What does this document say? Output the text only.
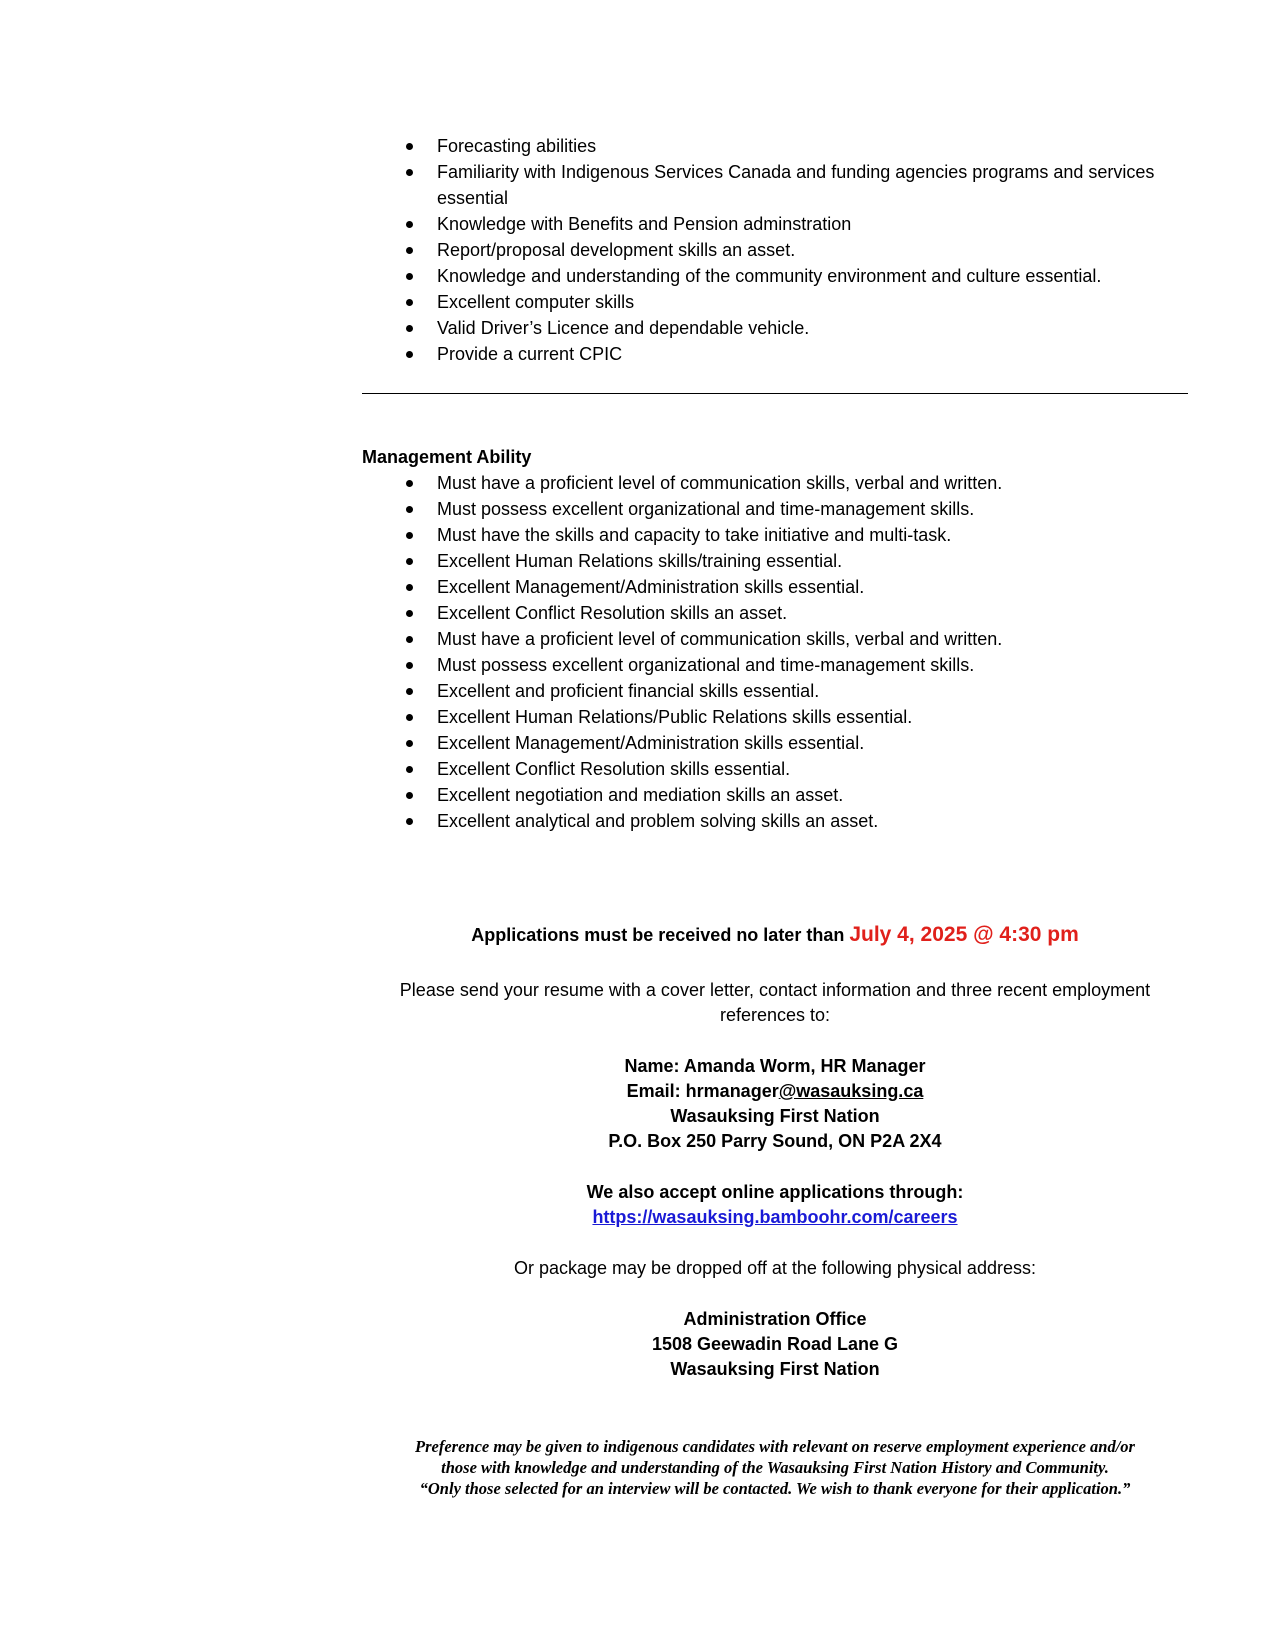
Forecasting abilities
Familiarity with Indigenous Services Canada and funding agencies programs and services essential
Knowledge with Benefits and Pension adminstration
Report/proposal development skills an asset.
Knowledge and understanding of the community environment and culture essential.
Excellent computer skills
Valid Driver’s Licence and dependable vehicle.
Provide a current CPIC
Management Ability
Must have a proficient level of communication skills, verbal and written.
Must possess excellent organizational and time-management skills.
Must have the skills and capacity to take initiative and multi-task.
Excellent Human Relations skills/training essential.
Excellent Management/Administration skills essential.
Excellent Conflict Resolution skills an asset.
Must have a proficient level of communication skills, verbal and written.
Must possess excellent organizational and time-management skills.
Excellent and proficient financial skills essential.
Excellent Human Relations/Public Relations skills essential.
Excellent Management/Administration skills essential.
Excellent Conflict Resolution skills essential.
Excellent negotiation and mediation skills an asset.
Excellent analytical and problem solving skills an asset.
Applications must be received no later than July 4, 2025 @ 4:30 pm
Please send your resume with a cover letter, contact information and three recent employment
references to:
Name: Amanda Worm, HR Manager
Email: hrmanager@wasauksing.ca
Wasauksing First Nation
P.O. Box 250 Parry Sound, ON P2A 2X4
We also accept online applications through:
https://wasauksing.bamboohr.com/careers
Or package may be dropped off at the following physical address:
Administration Office
1508 Geewadin Road Lane G
Wasauksing First Nation
Preference may be given to indigenous candidates with relevant on reserve employment experience and/or
those with knowledge and understanding of the Wasauksing First Nation History and Community.
“Only those selected for an interview will be contacted. We wish to thank everyone for their application.”
